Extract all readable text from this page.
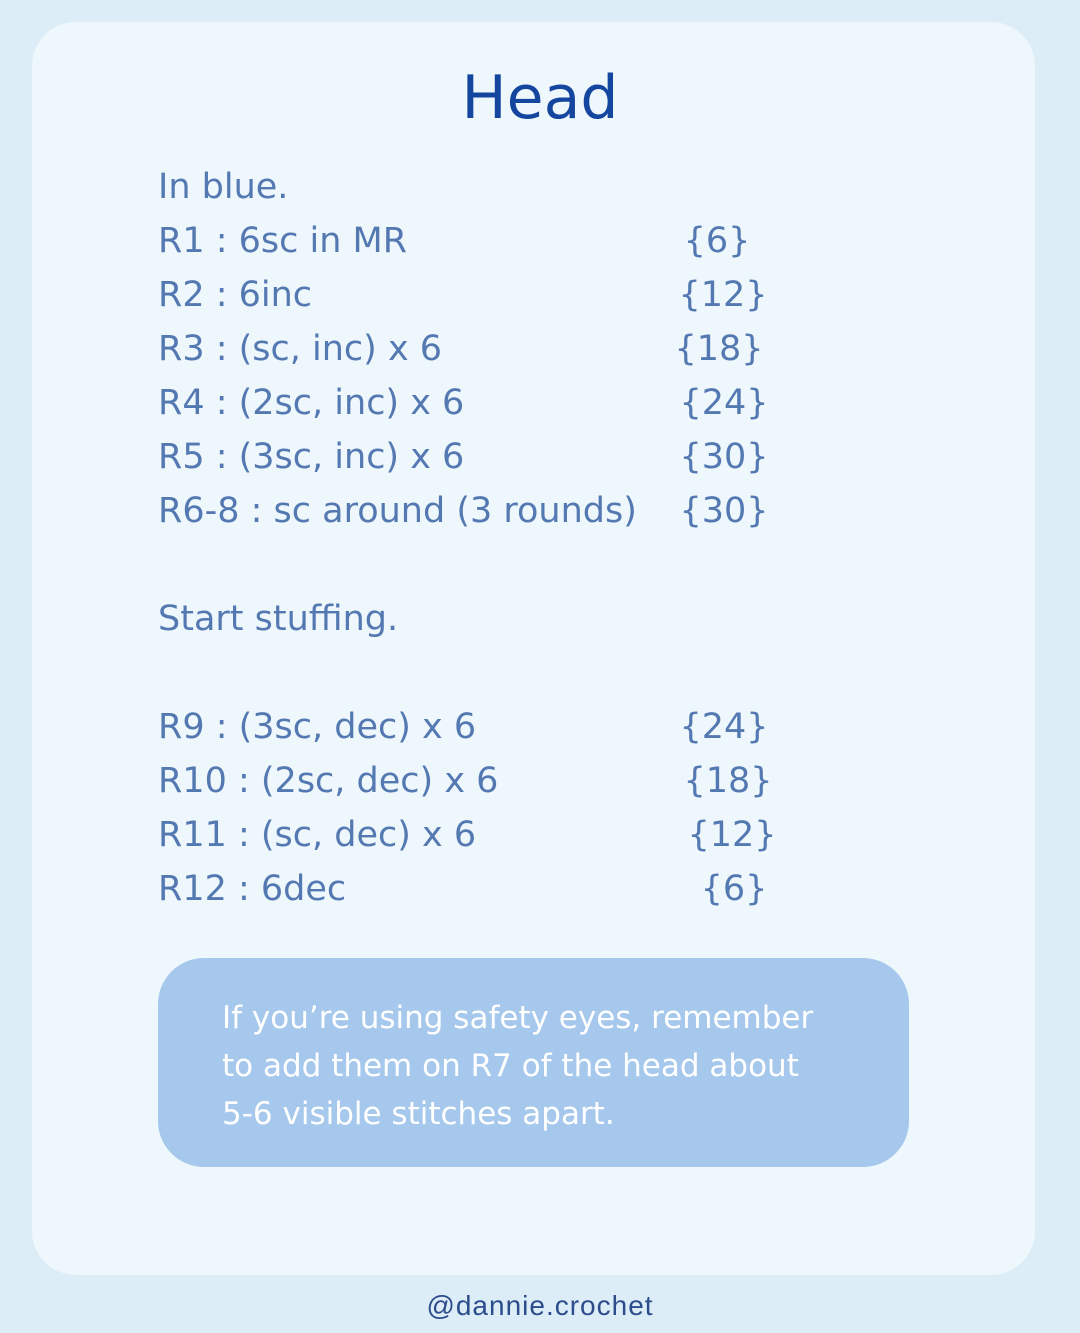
Head
In blue.
R1 : 6sc in MR	{6}
R2 : 6inc	{12}
R3 : (sc, inc) x 6	{18}
R4 : (2sc, inc) x 6	{24}
R5 : (3sc, inc) x 6	{30}
R6-8 : sc around (3 rounds) {30}
Start stuffing.
R9 : (3sc, dec) x 6	{24}
R10 : (2sc, dec) x 6	{18}
R11 : (sc, dec) x 6	{12}
R12 : 6dec	{6}
If you’re using safety eyes, remember
to add them on R7 of the head about
5-6 visible stitches apart.
@dannie.crochet
